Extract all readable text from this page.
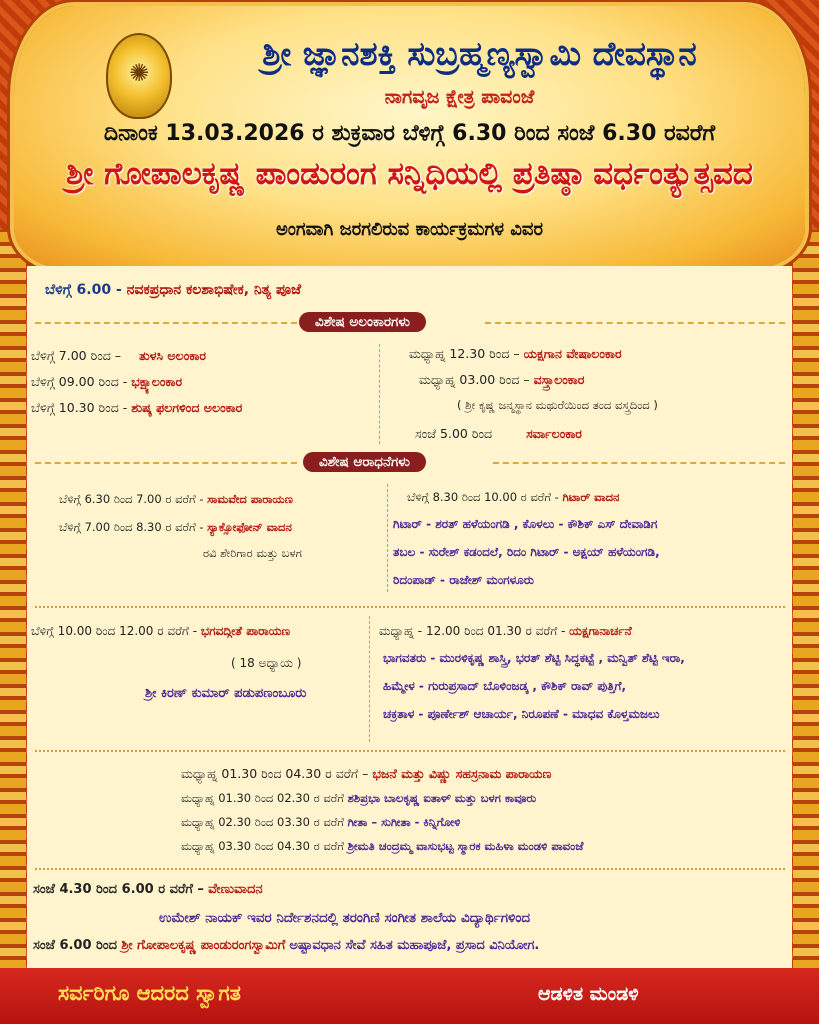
✺	ಶ್ರೀ ಜ್ಞಾನಶಕ್ತಿ ಸುಬ್ರಹ್ಮಣ್ಯಸ್ವಾಮಿ ದೇವಸ್ಥಾನ
ನಾಗವೃಜ ಕ್ಷೇತ್ರ ಪಾವಂಜೆ
ದಿನಾಂಕ 13.03.2026 ರ ಶುಕ್ರವಾರ ಬೆಳಿಗ್ಗೆ 6.30 ರಿಂದ ಸಂಜೆ 6.30 ರವರೆಗೆ
ಶ್ರೀ ಗೋಪಾಲಕೃಷ್ಣ ಪಾಂಡುರಂಗ ಸನ್ನಿಧಿಯಲ್ಲಿ ಪ್ರತಿಷ್ಠಾ ವರ್ಧಂತ್ಯುತ್ಸವದ
ಅಂಗವಾಗಿ ಜರಗಲಿರುವ ಕಾರ್ಯಕ್ರಮಗಳ ವಿವರ
ಬೆಳಿಗ್ಗೆ 6.00 - ನವಕಪ್ರಧಾನ ಕಲಶಾಭಿಷೇಕ, ನಿತ್ಯ ಪೂಜೆ
ವಿಶೇಷ ಅಲಂಕಾರಗಳು
ಬೆಳಿಗ್ಗೆ 7.00 ರಿಂದ – ತುಳಸಿ ಅಲಂಕಾರ
ಬೆಳಿಗ್ಗೆ 09.00 ರಿಂದ - ಭಕ್ಷ್ಯಾಲಂಕಾರ
ಬೆಳಿಗ್ಗೆ 10.30 ರಿಂದ - ಶುಷ್ಕ ಫಲಗಳಿಂದ ಅಲಂಕಾರ
ಮಧ್ಯಾಹ್ನ 12.30 ರಿಂದ – ಯಕ್ಷಗಾನ ವೇಷಾಲಂಕಾರ
ಮಧ್ಯಾಹ್ನ 03.00 ರಿಂದ – ವಸ್ತ್ರಾಲಂಕಾರ
( ಶ್ರೀ ಕೃಷ್ಣ ಜನ್ಮಸ್ಥಾನ ಮಥುರೆಯಿಂದ ತಂದ ವಸ್ತ್ರದಿಂದ )
ಸಂಜೆ 5.00 ರಿಂದ	ಸರ್ವಾಲಂಕಾರ
ವಿಶೇಷ ಆರಾಧನೆಗಳು
ಬೆಳಿಗ್ಗೆ 6.30 ರಿಂದ 7.00 ರ ವರೆಗೆ - ಸಾಮವೇದ ಪಾರಾಯಣ
ಬೆಳಿಗ್ಗೆ 7.00 ರಿಂದ 8.30 ರ ವರೆಗೆ - ಸ್ಯಾಕ್ಸೋಫೋನ್ ವಾದನ
ರವಿ ಶೇರಿಗಾರ ಮತ್ತು ಬಳಗ
ಬೆಳಿಗ್ಗೆ 8.30 ರಿಂದ 10.00 ರ ವರೆಗೆ - ಗಿಟಾರ್ ವಾದನ
ಗಿಟಾರ್ - ಶರತ್ ಹಳೆಯಂಗಡಿ , ಕೊಳಲು - ಕೌಶಿಕ್ ಎಸ್ ದೇವಾಡಿಗ
ತಬಲ - ಸುರೇಶ್ ಕಡಂದಲೆ, ರಿದಂ ಗಿಟಾರ್ - ಅಕ್ಷಯ್ ಹಳೆಯಂಗಡಿ,
ರಿದಂಪಾಡ್ - ರಾಜೇಶ್ ಮಂಗಳೂರು
ಬೆಳಿಗ್ಗೆ 10.00 ರಿಂದ 12.00 ರ ವರೆಗೆ - ಭಗವದ್ಗೀತೆ ಪಾರಾಯಣ
( 18 ಅಧ್ಯಾಯ )
ಶ್ರೀ ಕಿರಣ್ ಕುಮಾರ್ ಪಡುಪಣಂಬೂರು
ಮಧ್ಯಾಹ್ನ - 12.00 ರಿಂದ 01.30 ರ ವರೆಗೆ - ಯಕ್ಷಗಾನಾರ್ಚನೆ
ಭಾಗವತರು - ಮುರಳಿಕೃಷ್ಣ ಶಾಸ್ತ್ರಿ, ಭರತ್ ಶೆಟ್ಟಿ ಸಿದ್ಧಕಟ್ಟೆ , ಮನ್ವಿತ್ ಶೆಟ್ಟಿ ಇರಾ,
ಹಿಮ್ಮೇಳ - ಗುರುಪ್ರಸಾದ್ ಬೊಳಿಂಜಡ್ಕ , ಕೌಶಿಕ್ ರಾವ್ ಪುತ್ತಿಗೆ,
ಚಕ್ರತಾಳ - ಪೂರ್ಣೇಶ್ ಆಚಾರ್ಯ, ನಿರೂಪಣೆ - ಮಾಧವ ಕೊಳ್ತಮಜಲು
ಮಧ್ಯಾಹ್ನ 01.30 ರಿಂದ 04.30 ರ ವರೆಗೆ – ಭಜನೆ ಮತ್ತು ವಿಷ್ಣು ಸಹಸ್ರನಾಮ ಪಾರಾಯಣ
ಮಧ್ಯಾಹ್ನ 01.30 ರಿಂದ 02.30 ರ ವರೆಗೆ ಶಶಿಪ್ರಭಾ ಬಾಲಕೃಷ್ಣ ಐತಾಳ್ ಮತ್ತು ಬಳಗ ಕಾವೂರು
ಮಧ್ಯಾಹ್ನ 02.30 ರಿಂದ 03.30 ರ ವರೆಗೆ ಗೀತಾ – ಸುಗೀತಾ - ಕಿನ್ನಿಗೋಳಿ
ಮಧ್ಯಾಹ್ನ 03.30 ರಿಂದ 04.30 ರ ವರೆಗೆ ಶ್ರೀಮತಿ ಚಂದ್ರಮ್ಮ ವಾಸುಭಟ್ಟ ಸ್ಮಾರಕ ಮಹಿಳಾ ಮಂಡಳಿ ಪಾವಂಜೆ
ಸಂಜೆ 4.30 ರಿಂದ 6.00 ರ ವರೆಗೆ – ವೇಣುವಾದನ
ಉಮೇಶ್ ನಾಯಕ್ ಇವರ ನಿರ್ದೇಶನದಲ್ಲಿ ತರಂಗಿಣಿ ಸಂಗೀತ ಶಾಲೆಯ ವಿದ್ಯಾರ್ಥಿಗಳಿಂದ
ಸಂಜೆ 6.00 ರಿಂದ ಶ್ರೀ ಗೋಪಾಲಕೃಷ್ಣ ಪಾಂಡುರಂಗಸ್ವಾಮಿಗೆ ಅಷ್ಟಾವಧಾನ ಸೇವೆ ಸಹಿತ ಮಹಾಪೂಜೆ, ಪ್ರಸಾದ ವಿನಿಯೋಗ.
ಸರ್ವರಿಗೂ ಆದರದ ಸ್ವಾಗತ	ಆಡಳಿತ ಮಂಡಳಿ
